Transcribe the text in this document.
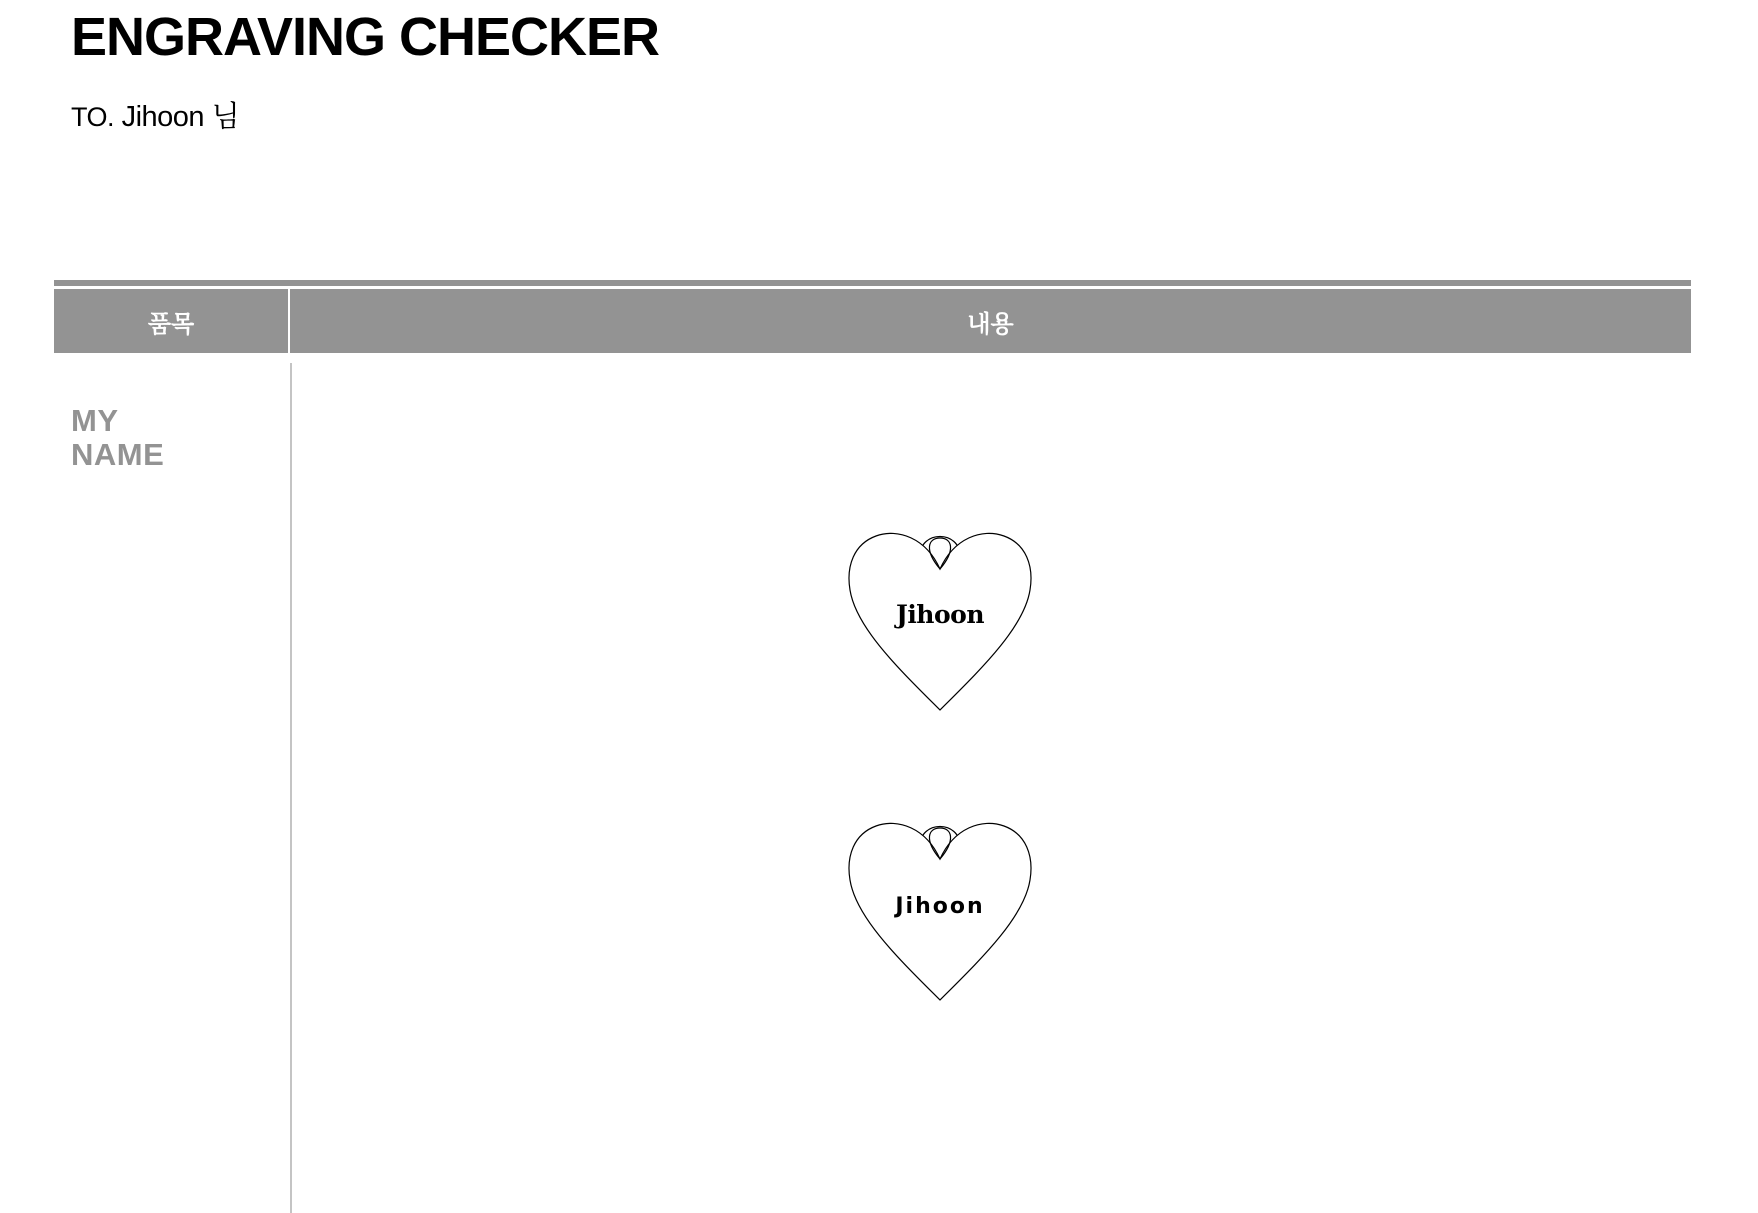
ENGRAVING CHECKER
TO. Jihoon 님
품목	내용
MY
NAME
Jihoon
Jihoon
